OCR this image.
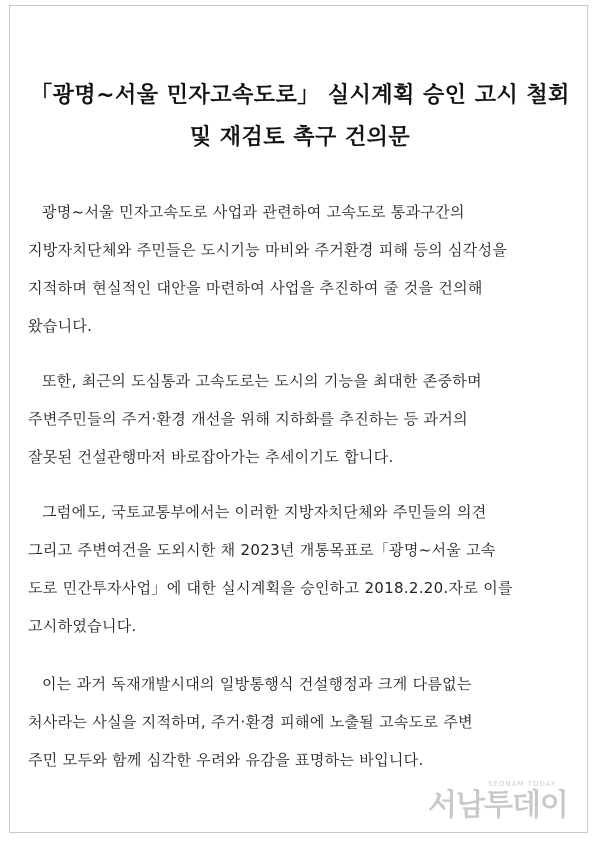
「광명~서울 민자고속도로」 실시계획 승인 고시 철회
및 재검토 촉구 건의문
광명~서울 민자고속도로 사업과 관련하여 고속도로 통과구간의
지방자치단체와 주민들은 도시기능 마비와 주거환경 피해 등의 심각성을
지적하며 현실적인 대안을 마련하여 사업을 추진하여 줄 것을 건의해
왔습니다.
또한, 최근의 도심통과 고속도로는 도시의 기능을 최대한 존중하며
주변주민들의 주거·환경 개선을 위해 지하화를 추진하는 등 과거의
잘못된 건설관행마저 바로잡아가는 추세이기도 합니다.
그럼에도, 국토교통부에서는 이러한 지방자치단체와 주민들의 의견
그리고 주변여건을 도외시한 채 2023년 개통목표로「광명~서울 고속
도로 민간투자사업」에 대한 실시계획을 승인하고 2018.2.20.자로 이를
고시하였습니다.
이는 과거 독재개발시대의 일방통행식 건설행정과 크게 다름없는
처사라는 사실을 지적하며, 주거·환경 피해에 노출될 고속도로 주변
주민 모두와 함께 심각한 우려와 유감을 표명하는 바입니다.
서남투데이
SEONAM TODAY
